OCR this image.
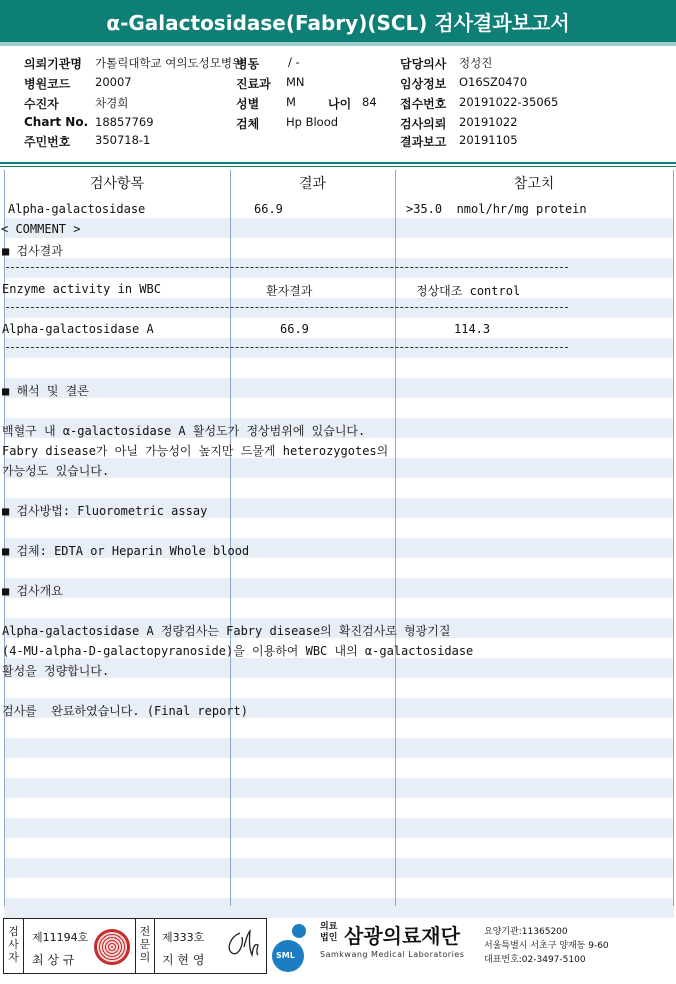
α-Galactosidase(Fabry)(SCL) 검사결과보고서
의뢰기관명 가톨릭대학교 여의도성모병원
병동	/ -	담당의사 정성진
병원코드 20007	진료과 MN	임상정보 O16SZ0470
수진자	차경희	성별 M	나이 84 접수번호 20191022-35065
Chart No. 18857769	검체 Hp Blood	검사의뢰 20191022
주민번호 350718-1	결과보고 20191105
검사항목	결과	참고치
Alpha-galactosidase	66.9	>35.0  nmol/hr/mg protein
< COMMENT >
■ 검사결과
Enzyme activity in WBC	환자결과	정상대조 control
Alpha-galactosidase A	66.9	114.3
■ 해석 및 결론
백혈구 내 α-galactosidase A 활성도가 정상범위에 있습니다.
Fabry disease가 아닐 가능성이 높지만 드물게 heterozygotes의
가능성도 있습니다.
■ 검사방법: Fluorometric assay
■ 검체: EDTA or Heparin Whole blood
■ 검사개요
Alpha-galactosidase A 정량검사는 Fabry disease의 확진검사로 형광기질
(4-MU-alpha-D-galactopyranoside)을 이용하여 WBC 내의 α-galactosidase
활성을 정량합니다.
검사를  완료하였습니다. (Final report)
검사자
제11194호
최 상 규
전문의
제333호
지 현 영	SML
의료
법인 삼광의료재단
Samkwang Medical Laboratories
요양기관:11365200
서울특별시 서초구 양재동 9-60
대표번호:02-3497-5100
